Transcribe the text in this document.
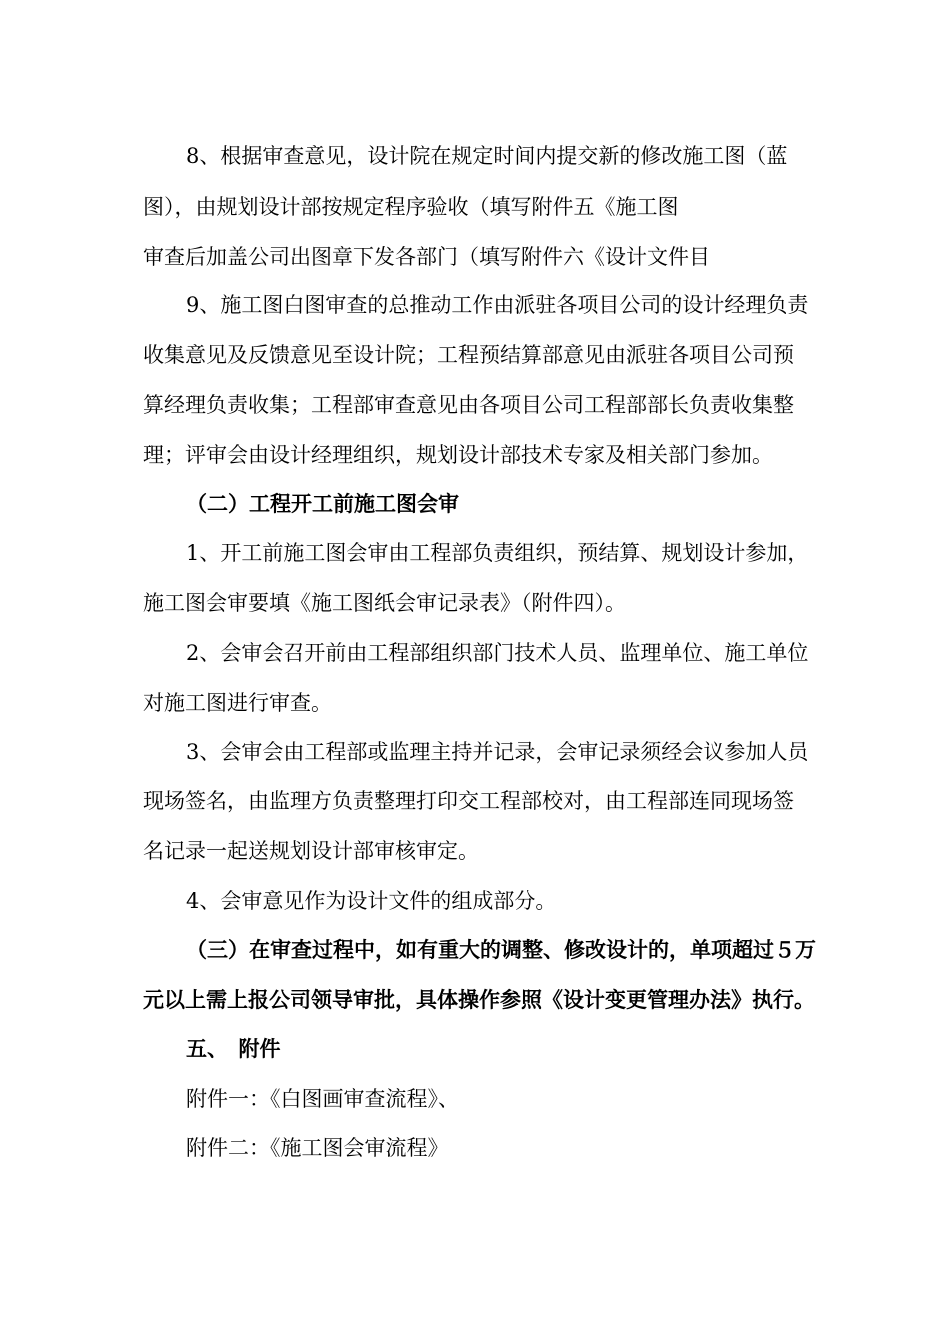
8、根据审查意见，设计院在规定时间内提交新的修改施工图（蓝
图），由规划设计部按规定程序验收（填写附件五《施工图
审查后加盖公司出图章下发各部门（填写附件六《设计文件目
9、施工图白图审查的总推动工作由派驻各项目公司的设计经理负责
收集意见及反馈意见至设计院；工程预结算部意见由派驻各项目公司预
算经理负责收集；工程部审查意见由各项目公司工程部部长负责收集整
理；评审会由设计经理组织，规划设计部技术专家及相关部门参加。
（二）工程开工前施工图会审
1、开工前施工图会审由工程部负责组织，预结算、规划设计参加，
施工图会审要填《施工图纸会审记录表》（附件四）。
2、会审会召开前由工程部组织部门技术人员、监理单位、施工单位
对施工图进行审查。
3、会审会由工程部或监理主持并记录，会审记录须经会议参加人员
现场签名，由监理方负责整理打印交工程部校对，由工程部连同现场签
名记录一起送规划设计部审核审定。
4、会审意见作为设计文件的组成部分。
（三）在审查过程中，如有重大的调整、修改设计的，单项超过５万
元以上需上报公司领导审批，具体操作参照《设计变更管理办法》执行。
五、　附件
附件一：《白图画审查流程》、
附件二：《施工图会审流程》
